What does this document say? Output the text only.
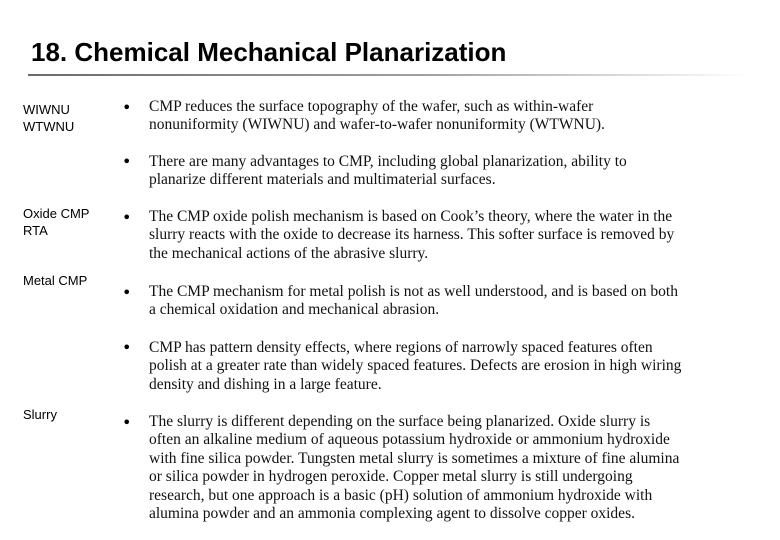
18. Chemical Mechanical Planarization
WIWNU
WTWNU
Oxide CMP
RTA
Metal CMP
Slurry
• CMP reduces the surface topography of the wafer, such as within-wafer
nonuniformity (WIWNU) and wafer-to-wafer nonuniformity (WTWNU).
• There are many advantages to CMP, including global planarization, ability to
planarize different materials and multimaterial surfaces.
• The CMP oxide polish mechanism is based on Cook’s theory, where the water in the
slurry reacts with the oxide to decrease its harness. This softer surface is removed by
the mechanical actions of the abrasive slurry.
• The CMP mechanism for metal polish is not as well understood, and is based on both
a chemical oxidation and mechanical abrasion.
• CMP has pattern density effects, where regions of narrowly spaced features often
polish at a greater rate than widely spaced features. Defects are erosion in high wiring
density and dishing in a large feature.
• The slurry is different depending on the surface being planarized. Oxide slurry is
often an alkaline medium of aqueous potassium hydroxide or ammonium hydroxide
with fine silica powder. Tungsten metal slurry is sometimes a mixture of fine alumina
or silica powder in hydrogen peroxide. Copper metal slurry is still undergoing
research, but one approach is a basic (pH) solution of ammonium hydroxide with
alumina powder and an ammonia complexing agent to dissolve copper oxides.
